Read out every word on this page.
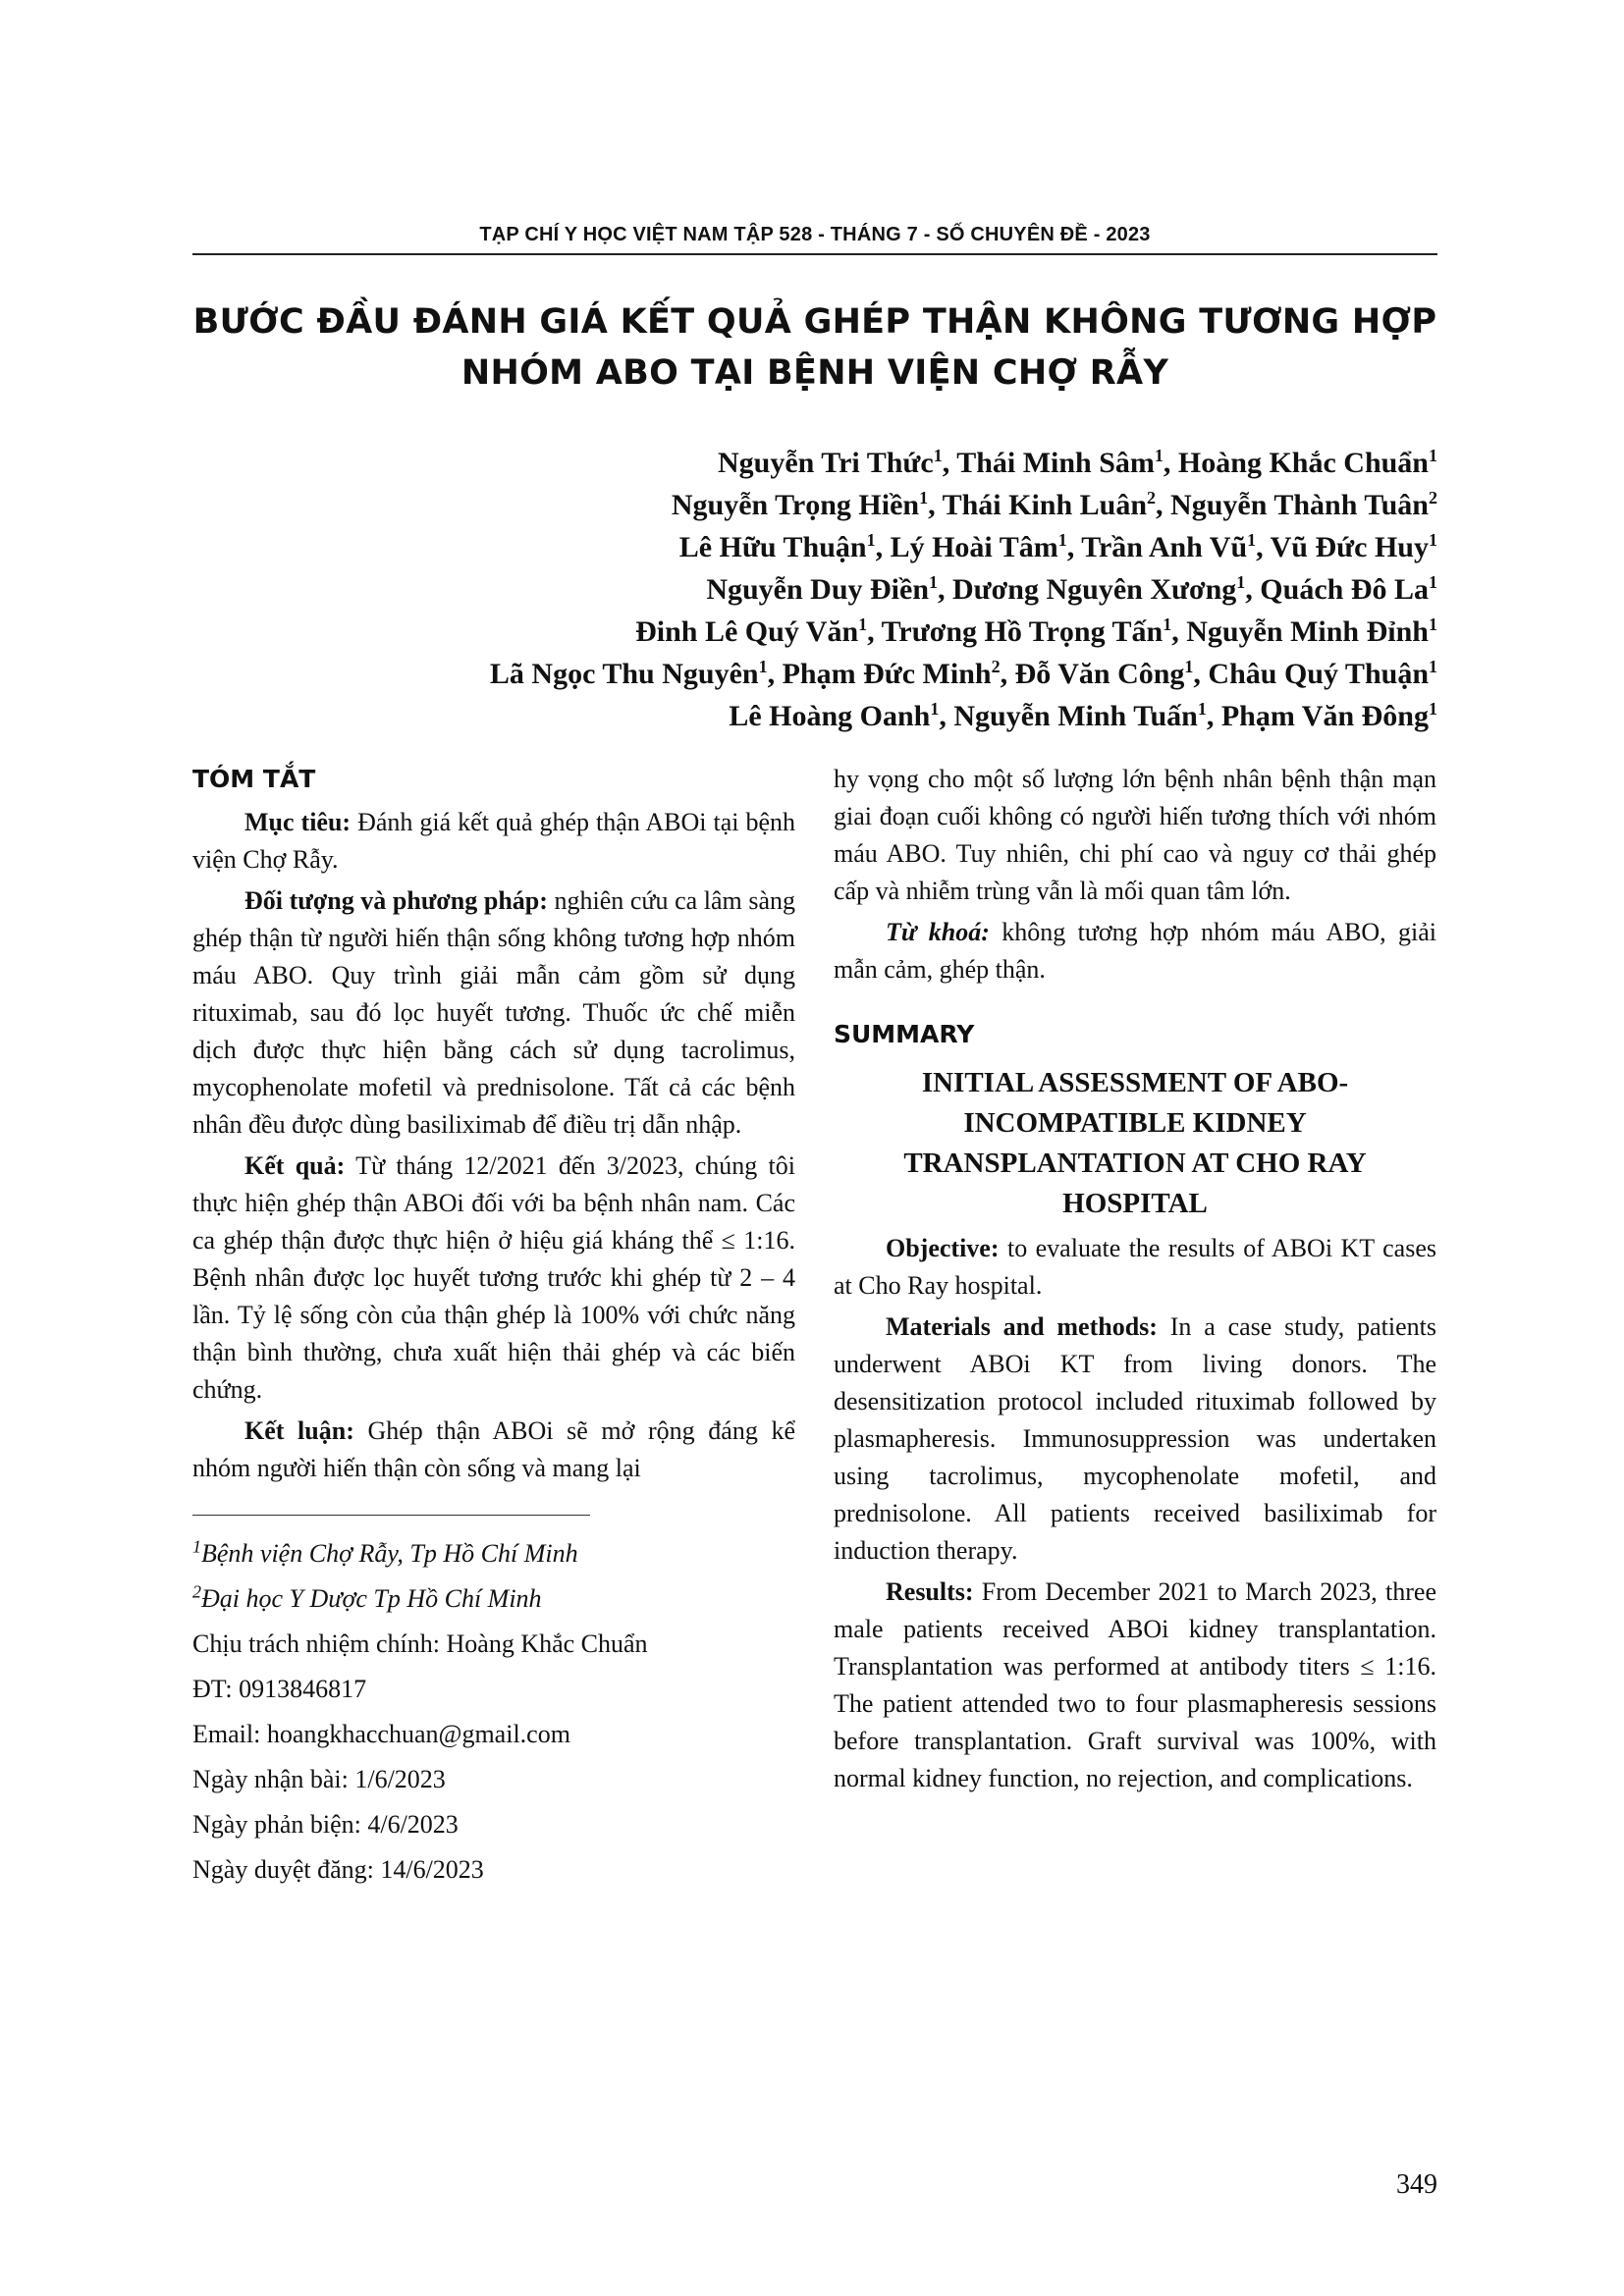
TẠP CHÍ Y HỌC VIỆT NAM TẬP 528 - THÁNG 7 - SỐ CHUYÊN ĐỀ - 2023
BƯỚC ĐẦU ĐÁNH GIÁ KẾT QUẢ GHÉP THẬN KHÔNG TƯƠNG HỢP
NHÓM ABO TẠI BỆNH VIỆN CHỢ RẪY
Nguyễn Tri Thức$^1$, Thái Minh Sâm$^1$, Hoàng Khắc Chuẩn$^1$
Nguyễn Trọng Hiền$^1$, Thái Kinh Luân$^2$, Nguyễn Thành Tuân$^2$
Lê Hữu Thuận$^1$, Lý Hoài Tâm$^1$, Trần Anh $Vũ^1$, Vũ Đức Huy$^1$
Nguyễn Duy Điền$^1$, Dương Nguyên Xương$^1$, Quách Đô La$^1$
Đinh Lê Quý Văn$^1$, Trương Hồ Trọng Tấn$^1$, Nguyễn Minh Đỉnh$^1$
Lã Ngọc Thu Nguyên$^1$, Phạm Đức Minh$^2$, Đỗ Văn Công$^1$, Châu Quý Thuận$^1$
Lê Hoàng Oanh$^1$, Nguyễn Minh Tuấn$^1$, Phạm Văn Đông$^1$
TÓM TẮT

Mục tiêu: Đánh giá kết quả ghép thận ABOi tại bệnh viện Chợ Rẫy.

Đối tượng và phương pháp: nghiên cứu ca lâm sàng ghép thận từ người hiến thận sống không tương hợp nhóm máu ABO. Quy trình giải mẫn cảm gồm sử dụng rituximab, sau đó lọc huyết tương. Thuốc ức chế miễn dịch được thực hiện bằng cách sử dụng tacrolimus, mycophenolate mofetil và prednisolone. Tất cả các bệnh nhân đều được dùng basiliximab để điều trị dẫn nhập.

Kết quả: Từ tháng 12/2021 đến 3/2023, chúng tôi thực hiện ghép thận ABOi đối với ba bệnh nhân nam. Các ca ghép thận được thực hiện ở hiệu giá kháng thể ≤ 1:16. Bệnh nhân được lọc huyết tương trước khi ghép từ 2 – 4 lần. Tỷ lệ sống còn của thận ghép là 100% với chức năng thận bình thường, chưa xuất hiện thải ghép và các biến chứng.

Kết luận: Ghép thận ABOi sẽ mở rộng đáng kể nhóm người hiến thận còn sống và mang lại

$^1$Bệnh viện Chợ Rẫy, Tp Hồ Chí Minh

$^2$Đại học Y Dược Tp Hồ Chí Minh

Chịu trách nhiệm chính: Hoàng Khắc Chuẩn

ĐT: 0913846817

Email: hoangkhacchuan@gmail.com

Ngày nhận bài: 1/6/2023

Ngày phản biện: 4/6/2023

Ngày duyệt đăng: 14/6/2023

hy vọng cho một số lượng lớn bệnh nhân bệnh thận mạn giai đoạn cuối không có người hiến tương thích với nhóm máu ABO. Tuy nhiên, chi phí cao và nguy cơ thải ghép cấp và nhiễm trùng vẫn là mối quan tâm lớn.

Từ khoá: không tương hợp nhóm máu ABO, giải mẫn cảm, ghép thận.

SUMMARY
INITIAL ASSESSMENT OF ABO-
INCOMPATIBLE KIDNEY
TRANSPLANTATION AT CHO RAY
HOSPITAL

Objective: to evaluate the results of ABOi KT cases at Cho Ray hospital.

Materials and methods: In a case study, patients underwent ABOi KT from living donors. The desensitization protocol included rituximab followed by plasmapheresis. Immunosuppression was undertaken using tacrolimus, mycophenolate mofetil, and prednisolone. All patients received basiliximab for induction therapy.

Results: From December 2021 to March 2023, three male patients received ABOi kidney transplantation. Transplantation was performed at antibody titers ≤ 1:16. The patient attended two to four plasmapheresis sessions before transplantation. Graft survival was 100%, with normal kidney function, no rejection, and complications.

349
